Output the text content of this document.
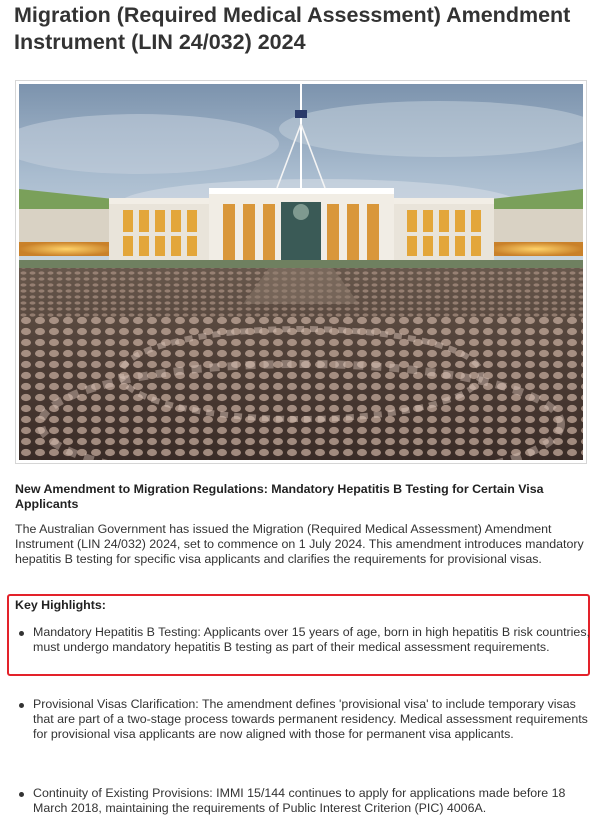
Migration (Required Medical Assessment) Amendment Instrument (LIN 24/032) 2024
New Amendment to Migration Regulations: Mandatory Hepatitis B Testing for Certain Visa Applicants

The Australian Government has issued the Migration (Required Medical Assessment) Amendment Instrument (LIN 24/032) 2024, set to commence on 1 July 2024. This amendment introduces mandatory hepatitis B testing for specific visa applicants and clarifies the requirements for provisional visas.

Key Highlights:
Mandatory Hepatitis B Testing: Applicants over 15 years of age, born in high hepatitis B risk countries, must undergo mandatory hepatitis B testing as part of their medical assessment requirements.
Provisional Visas Clarification: The amendment defines 'provisional visa' to include temporary visas that are part of a two-stage process towards permanent residency. Medical assessment requirements for provisional visa applicants are now aligned with those for permanent visa applicants.
Continuity of Existing Provisions: IMMI 15/144 continues to apply for applications made before 18 March 2018, maintaining the requirements of Public Interest Criterion (PIC) 4006A.
